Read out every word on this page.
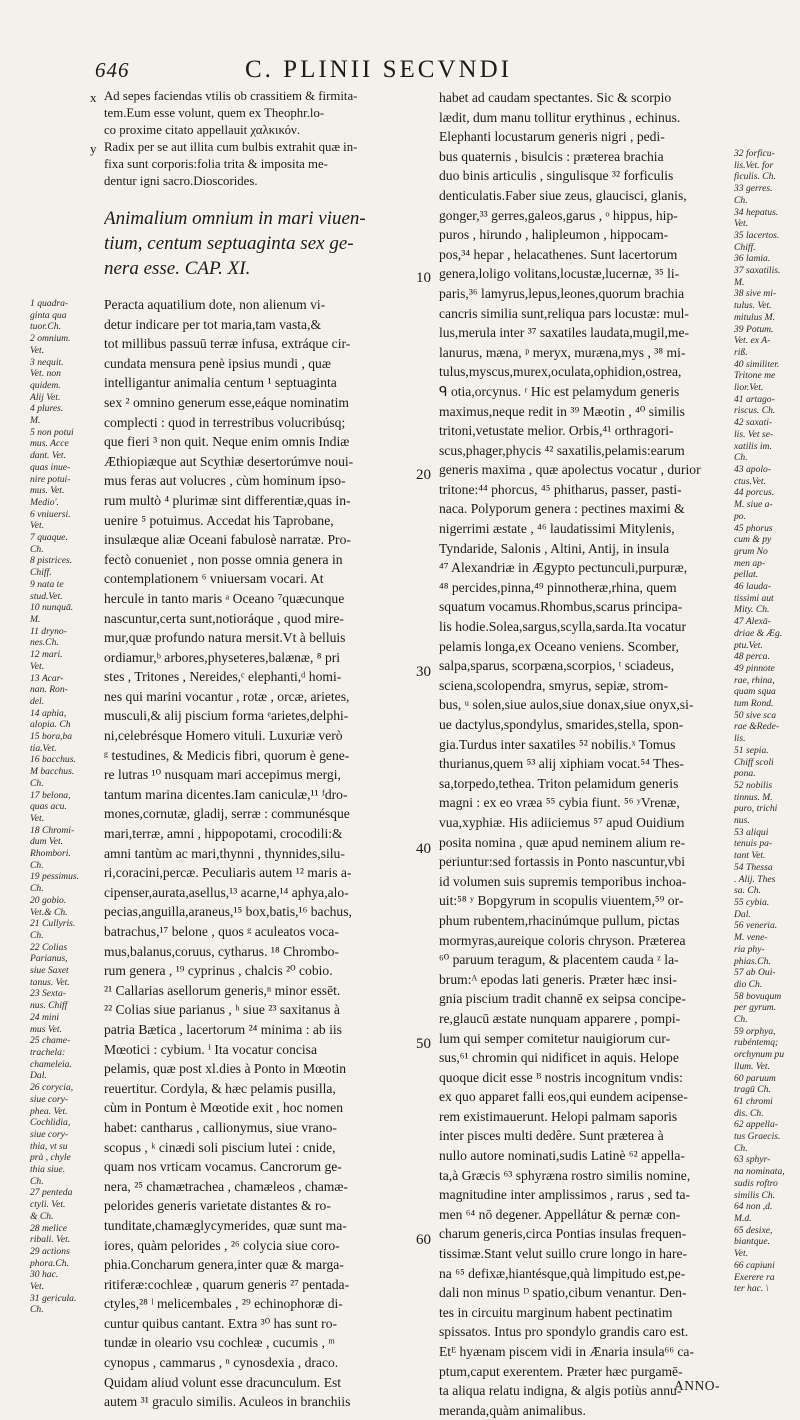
646	C. PLINII SECVNDI
x Ad sepes faciendas vtilis ob crassitiem & firmita-
tem.Eum esse volunt, quem ex Theophr.lo-
co proxime citato appellauit χαλκικόν.
y Radix per se aut illita cum bulbis extrahit quæ in-
fixa sunt corporis:folia trita & imposita me-
dentur igni sacro.Dioscorides.
Animalium omnium in mari viuen-
tium, centum septuaginta sex ge-
nera esse. CAP. XI.
Peracta aquatilium dote, non alienum vi-
detur indicare per tot maria,tam vasta,&
tot millibus passuū terræ infusa, extráque cir-
cundata mensura penè ipsius mundi , quæ
intelligantur animalia centum ¹ septuaginta
sex ² omnino generum esse,eáque nominatim
complecti : quod in terrestribus volucribúsq;
que fieri ³ non quit. Neque enim omnis Indiæ
Æthiopiæque aut Scythiæ desertorúmve noui-
mus feras aut volucres , cùm hominum ipso-
rum multò ⁴ plurimæ sint differentiæ,quas in-
uenire ⁵ potuimus. Accedat his Taprobane,
insulæque aliæ Oceani fabulosè narratæ. Pro-
fectò conueniet , non posse omnia genera in
contemplationem ⁶ vniuersam vocari. At
hercule in tanto maris ᵃ Oceano ⁷quæcunque
nascuntur,certa sunt,notioráque , quod mire-
mur,quæ profundo natura mersit.Vt à belluis
ordiamur,ᵇ arbores,physeteres,balænæ, ⁸ pri
stes , Tritones , Nereides,ᶜ elephanti,ᵈ homi-
nes qui marini vocantur , rotæ , orcæ, arietes,
musculi,& alij piscium forma ᵉarietes,delphi-
ni,celebrésque Homero vituli. Luxuriæ verò
ᵍ testudines, & Medicis fibri, quorum è gene-
re lutras ¹⁰ nusquam mari accepimus mergi,
tantum marina dicentes.Iam caniculæ,¹¹ ᶠdro-
mones,cornutæ, gladij, serræ : communésque
mari,terræ, amni , hippopotami, crocodili:&
amni tantùm ac mari,thynni , thynnides,silu-
ri,coracini,percæ. Peculiaris autem ¹² maris a-
cipenser,aurata,asellus,¹³ acarne,¹⁴ aphya,alo-
pecias,anguilla,araneus,¹⁵ box,batis,¹⁶ bachus,
batrachus,¹⁷ belone , quos ᵍ aculeatos voca-
mus,balanus,coruus, cytharus. ¹⁸ Chrombo-
rum genera , ¹⁹ cyprinus , chalcis ²⁰ cobio.
²¹ Callarias asellorum generis,ⁿ minor essēt.
²² Colias siue parianus , ʰ siue ²³ saxitanus à
patria Bætica , lacertorum ²⁴ minima : ab iis
Mœotici : cybium. ⁱ Ita vocatur concisa
pelamis, quæ post xl.dies à Ponto in Mœotin
reuertitur. Cordyla, & hæc pelamis pusilla,
cùm in Pontum è Mœotide exit , hoc nomen
habet: cantharus , callionymus, siue vrano-
scopus , ᵏ cinædi soli piscium lutei : cnide,
quam nos vrticam vocamus. Cancrorum ge-
nera, ²⁵ chamætrachea , chamæleos , chamæ-
pelorides generis varietate distantes & ro-
tunditate,chamæglycymerides, quæ sunt ma-
iores, quàm pelorides , ²⁶ colycia siue coro-
phia.Concharum genera,inter quæ & marga-
ritiferæ:cochleæ , quarum generis ²⁷ pentada-
ctyles,²⁸ ˡ melicembales , ²⁹ echinophoræ di-
cuntur quibus cantant. Extra ³⁰ has sunt ro-
tundæ in oleario vsu cochleæ , cucumis , ᵐ
cynopus , cammarus , ⁿ cynosdexia , draco.
Quidam aliud volunt esse dracunculum. Est
autem ³¹ graculo similis. Aculeos in branchiis
habet ad caudam spectantes. Sic & scorpio
lædit, dum manu tollitur erythinus , echinus.
Elephanti locustarum generis nigri , pedi-
bus quaternis , bisulcis : præterea brachia
duo binis articulis , singulisque ³² forficulis
denticulatis.Faber siue zeus, glaucisci, glanis,
gonger,³³ gerres,galeos,garus , ᵒ hippus, hip-
puros , hirundo , halipleumon , hippocam-
pos,³⁴ hepar , helacathenes. Sunt lacertorum
genera,loligo volitans,locustæ,lucernæ, ³⁵ li-
paris,³⁶ lamyrus,lepus,leones,quorum brachia
cancris similia sunt,reliqua pars locustæ: mul-
lus,merula inter ³⁷ saxatiles laudata,mugil,me-
lanurus, mæna, ᵖ meryx, muræna,mys , ³⁸ mi-
tulus,myscus,murex,oculata,ophidion,ostrea,
ᑫ otia,orcynus. ʳ Hic est pelamydum generis
maximus,neque redit in ³⁹ Mæotin , ⁴⁰ similis
tritoni,vetustate melior. Orbis,⁴¹ orthragori-
scus,phager,phycis ⁴² saxatilis,pelamis:earum
generis maxima , quæ apolectus vocatur , durior
tritone:⁴⁴ phorcus, ⁴⁵ phitharus, passer, pasti-
naca. Polyporum genera : pectines maximi &
nigerrimi æstate , ⁴⁶ laudatissimi Mitylenis,
Tyndaride, Salonis , Altini, Antij, in insula
⁴⁷ Alexandriæ in Ægypto pectunculi,purpuræ,
⁴⁸ percides,pinna,⁴⁹ pinnotheræ,rhina, quem
squatum vocamus.Rhombus,scarus principa-
lis hodie.Solea,sargus,scylla,sarda.Ita vocatur
pelamis longa,ex Oceano veniens. Scomber,
salpa,sparus, scorpæna,scorpios, ᵗ sciadeus,
sciena,scolopendra, smyrus, sepiæ, strom-
bus, ᵘ solen,siue aulos,siue donax,siue onyx,si-
ue dactylus,spondylus, smarides,stella, spon-
gia.Turdus inter saxatiles ⁵² nobilis.ˣ Tomus
thurianus,quem ⁵³ alij xiphiam vocat.⁵⁴ Thes-
sa,torpedo,tethea. Triton pelamidum generis
magni : ex eo vræa ⁵⁵ cybia fiunt. ⁵⁶ ʸVrenæ,
vua,xyphiæ. His adiiciemus ⁵⁷ apud Ouidium
posita nomina , quæ apud neminem alium re-
periuntur:sed fortassis in Ponto nascuntur,vbi
id volumen suis supremis temporibus inchoa-
uit:⁵⁸ ʸ Bopgyrum in scopulis viuentem,⁵⁹ or-
phum rubentem,rhacinúmque pullum, pictas
mormyras,aureique coloris chryson. Præterea
⁶⁰ paruum teragum, & placentem cauda ᶻ la-
brum:ᴬ epodas lati generis. Præter hæc insi-
gnia piscium tradit channē ex seipsa concipe-
re,glaucū æstate nunquam apparere , pompi-
lum qui semper comitetur nauigiorum cur-
sus,⁶¹ chromin qui nidificet in aquis. Helope
quoque dicit esse ᴮ nostris incognitum vndis:
ex quo apparet falli eos,qui eundem acipense-
rem existimauerunt. Helopi palmam saporis
inter pisces multi dedêre. Sunt præterea à
nullo autore nominati,sudis Latinè ⁶² appella-
ta,à Græcis ⁶³ sphyræna rostro similis nomine,
magnitudine inter amplissimos , rarus , sed ta-
men ⁶⁴ nō degener. Appellátur & pernæ con-
charum generis,circa Pontias insulas frequen-
tissimæ.Stant velut suillo crure longo in hare-
na ⁶⁵ defixæ,hiantésque,quà limpitudo est,pe-
dali non minus ᴰ spatio,cibum venantur. Den-
tes in circuitu marginum habent pectinatim
spissatos. Intus pro spondylo grandis caro est.
Etᴱ hyænam piscem vidi in Ænaria insula⁶⁶ ca-
ptum,caput exerentem. Præter hæc purgamē-
ta aliqua relatu indigna, & algis potiùs annu-
meranda,quàm animalibus.
10
20
30
40
50
60
1 quadra-
ginta qua
tuor.Ch.
2 omnium.
Vet.
3 nequit.
Vet. non
quidem.
Alij Vet.
4 plures.
M.
5 non potui
mus. Acce
dant. Vet.
quas inue-
nire potui-
mus. Vet.
Medio'.
6 vniuersi.
Vet.
7 quaque.
Ch.
8 pistrices.
Chiff.
9 nata te
stud.Vet.
10 nunquā.
M.
11 dryno-
nes.Ch.
12 mari.
Vet.
13 Acar-
nan. Ron-
del.
14 aphia,
alopia. Ch
15 bora,ba
tia.Vet.
16 bacchus.
M bacchus.
Ch.
17 belona,
quas acu.
Vet.
18 Chromi-
dum Vet.
Rhombori.
Ch.
19 pessimus.
Ch.
20 gobio.
Vet.& Ch.
21 Cullyris.
Ch.
22 Colias
Parianus,
siue Saxet
tanus. Vet.
23 Sexta-
nus. Chiff
24 mini
mus Vet.
25 chame-
trachela:
chameleia.
Dal.
26 corycia,
siue cory-
phea. Vet.
Cochlidia,
siue cory-
thia, vt su
prà , chyle
thia siue.
Ch.
27 penteda
ctyli. Vet.
& Ch.
28 melice
ribali. Vet.
29 actions
phora.Ch.
30 hac.
Vet.
31 gericula.
Ch.
32 forficu-
lis.Vet. for
ficulis. Ch.
33 gerres.
Ch.
34 hepatus.
Vet.
35 lacertos.
Chiff.
36 lamia.
37 saxatilis.
M.
38 sive mi-
tulus. Vet.
mitulus M.
39 Potum.
Vet. ex A-
riß.
40 similiter.
Tritone me
lior.Vet.
41 artago-
riscus. Ch.
42 saxati-
lis. Vet se-
xatilis im.
Ch.
43 apolo-
ctus.Vet.
44 porcus.
M. siue a-
po.
45 phorus
cum & py
grum No
men ap-
pellat.
46 lauda-
tissimi aut
Mity. Ch.
47 Alexā-
driae & Æg.
ptu.Vet.
48 perca.
49 pinnote
rae, rhina,
quam squa
tum Rond.
50 sive sca
rae &Rede-
lis.
51 sepia.
Chiff scoli
pona.
52 nobilis
tinnus. M.
puro, trichi
nus.
53 aliqui
tenuis pa-
tant Vet.
54 Thessa
. Alij. Thes
sa. Ch.
55 cybia.
Dal.
56 veneria.
M. vene-
ria phy-
phias.Ch.
57 ab Oui-
dio Ch.
58 bovuqum
per gyrum.
Ch.
59 orphya,
rubéntemq;
orchynum pu
llum. Vet.
60 paruum
tragū Ch.
61 chromi
dis. Ch.
62 appella-
tus Graecis.
Ch.
63 sphyr-
na nominata,
sudis roftro
similis Ch.
64 non ,d.
M.d.
65 desixe,
biantque.
Vet.
66 capiuni
Exerere ra
ter hac. \
ANNO-
